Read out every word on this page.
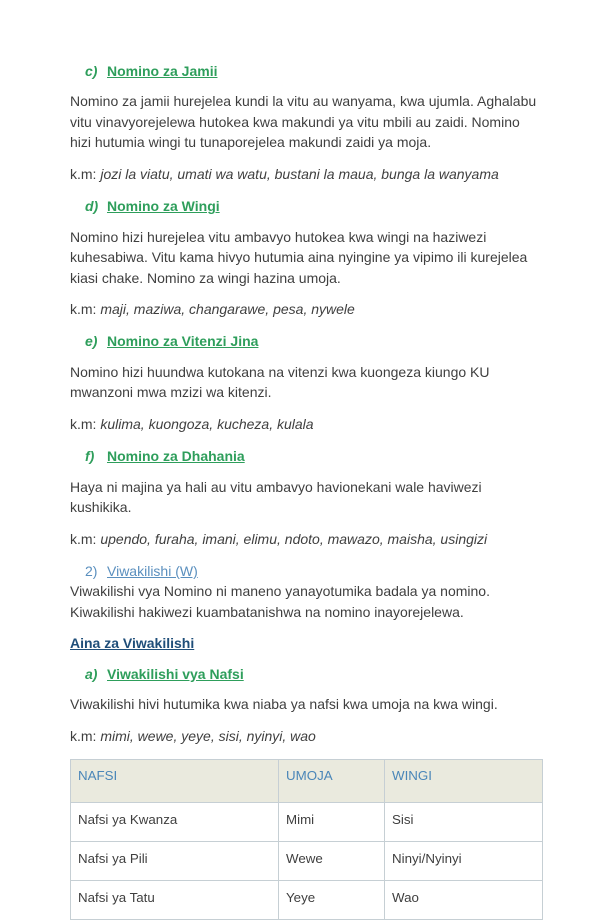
c) Nomino za Jamii

Nomino za jamii hurejelea kundi la vitu au wanyama, kwa ujumla. Aghalabu vitu vinavyorejelewa hutokea kwa makundi ya vitu mbili au zaidi. Nomino hizi hutumia wingi tu tunaporejelea makundi zaidi ya moja.

k.m: jozi la viatu, umati wa watu, bustani la maua, bunga la wanyama

d) Nomino za Wingi

Nomino hizi hurejelea vitu ambavyo hutokea kwa wingi na haziwezi kuhesabiwa. Vitu kama hivyo hutumia aina nyingine ya vipimo ili kurejelea kiasi chake. Nomino za wingi hazina umoja.

k.m: maji, maziwa, changarawe, pesa, nywele

e) Nomino za Vitenzi Jina

Nomino hizi huundwa kutokana na vitenzi kwa kuongeza kiungo KU mwanzoni mwa mzizi wa kitenzi.

k.m: kulima, kuongoza, kucheza, kulala

f) Nomino za Dhahania

Haya ni majina ya hali au vitu ambavyo havionekani wale haviwezi kushikika.

k.m: upendo, furaha, imani, elimu, ndoto, mawazo, maisha, usingizi

2) Viwakilishi (W)

Viwakilishi vya Nomino ni maneno yanayotumika badala ya nomino. Kiwakilishi hakiwezi kuambatanishwa na nomino inayorejelewa.

Aina za Viwakilishi
a) Viwakilishi vya Nafsi

Viwakilishi hivi hutumika kwa niaba ya nafsi kwa umoja na kwa wingi.

k.m: mimi, wewe, yeye, sisi, nyinyi, wao

NAFSI	UMOJA	WINGI
Nafsi ya Kwanza	Mimi	Sisi
Nafsi ya Pili	Wewe	Ninyi/Nyinyi
Nafsi ya Tatu	Yeye	Wao
